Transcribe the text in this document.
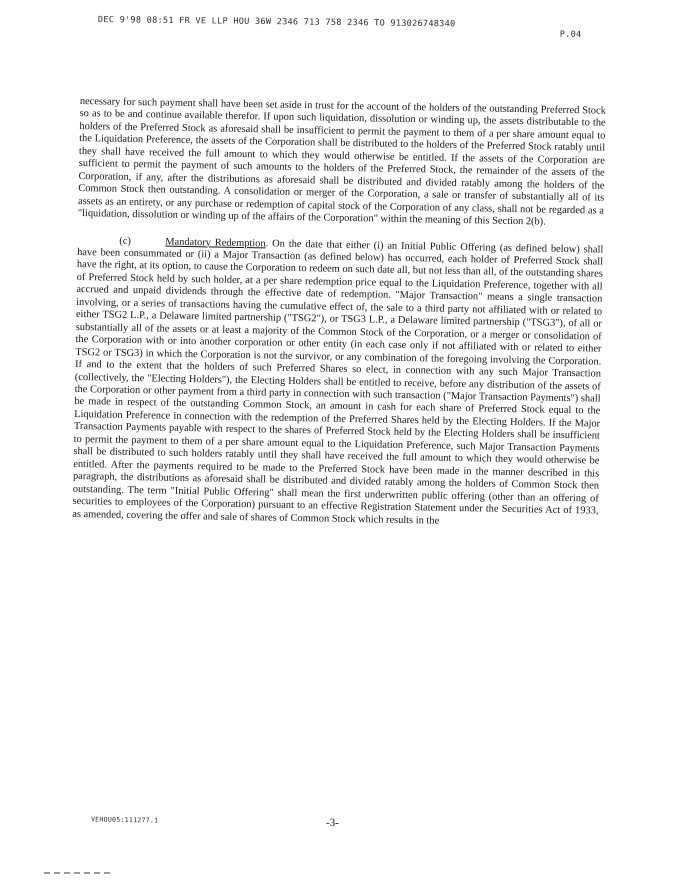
DEC 9'98 08:51 FR VE LLP HOU 36W 2346 713 758 2346 TO 913026748340
P.04

necessary for such payment shall have been set aside in trust for the account of the holders of the outstanding Preferred Stock so as to be and continue available therefor. If upon such liquidation, dissolution or winding up, the assets distributable to the holders of the Preferred Stock as aforesaid shall be insufficient to permit the payment to them of a per share amount equal to the Liquidation Preference, the assets of the Corporation shall be distributed to the holders of the Preferred Stock ratably until they shall have received the full amount to which they would otherwise be entitled. If the assets of the Corporation are sufficient to permit the payment of such amounts to the holders of the Preferred Stock, the remainder of the assets of the Corporation, if any, after the distributions as aforesaid shall be distributed and divided ratably among the holders of the Common Stock then outstanding. A consolidation or merger of the Corporation, a sale or transfer of substantially all of its assets as an entirety, or any purchase or redemption of capital stock of the Corporation of any class, shall not be regarded as a "liquidation, dissolution or winding up of the affairs of the Corporation" within the meaning of this Section 2(b).

(c)	Mandatory Redemption. On the date that either (i) an Initial Public Offering (as defined below) shall have been consummated or (ii) a Major Transaction (as defined below) has occurred, each holder of Preferred Stock shall have the right, at its option, to cause the Corporation to redeem on such date all, but not less than all, of the outstanding shares of Preferred Stock held by such holder, at a per share redemption price equal to the Liquidation Preference, together with all accrued and unpaid dividends through the effective date of redemption. "Major Transaction" means a single transaction involving, or a series of transactions having the cumulative effect of, the sale to a third party not affiliated with or related to either TSG2 L.P., a Delaware limited partnership ("TSG2"), or TSG3 L.P., a Delaware limited partnership ("TSG3"), of all or substantially all of the assets or at least a majority of the Common Stock of the Corporation, or a merger or consolidation of the Corporation with or into another corporation or other entity (in each case only if not affiliated with or related to either TSG2 or TSG3) in which the Corporation is not the survivor, or any combination of the foregoing involving the Corporation. If and to the extent that the holders of such Preferred Shares so elect, in connection with any such Major Transaction (collectively, the "Electing Holders"), the Electing Holders shall be entitled to receive, before any distribution of the assets of the Corporation or other payment from a third party in connection with such transaction ("Major Transaction Payments") shall be made in respect of the outstanding Common Stock, an amount in cash for each share of Preferred Stock equal to the Liquidation Preference in connection with the redemption of the Preferred Shares held by the Electing Holders. If the Major Transaction Payments payable with respect to the shares of Preferred Stock held by the Electing Holders shall be insufficient to permit the payment to them of a per share amount equal to the Liquidation Preference, such Major Transaction Payments shall be distributed to such holders ratably until they shall have received the full amount to which they would otherwise be entitled. After the payments required to be made to the Preferred Stock have been made in the manner described in this paragraph, the distributions as aforesaid shall be distributed and divided ratably among the holders of Common Stock then outstanding. The term "Initial Public Offering" shall mean the first underwritten public offering (other than an offering of securities to employees of the Corporation) pursuant to an effective Registration Statement under the Securities Act of 1933, as amended, covering the offer and sale of shares of Common Stock which results in the

VEHOU05:111277.1	-3-
